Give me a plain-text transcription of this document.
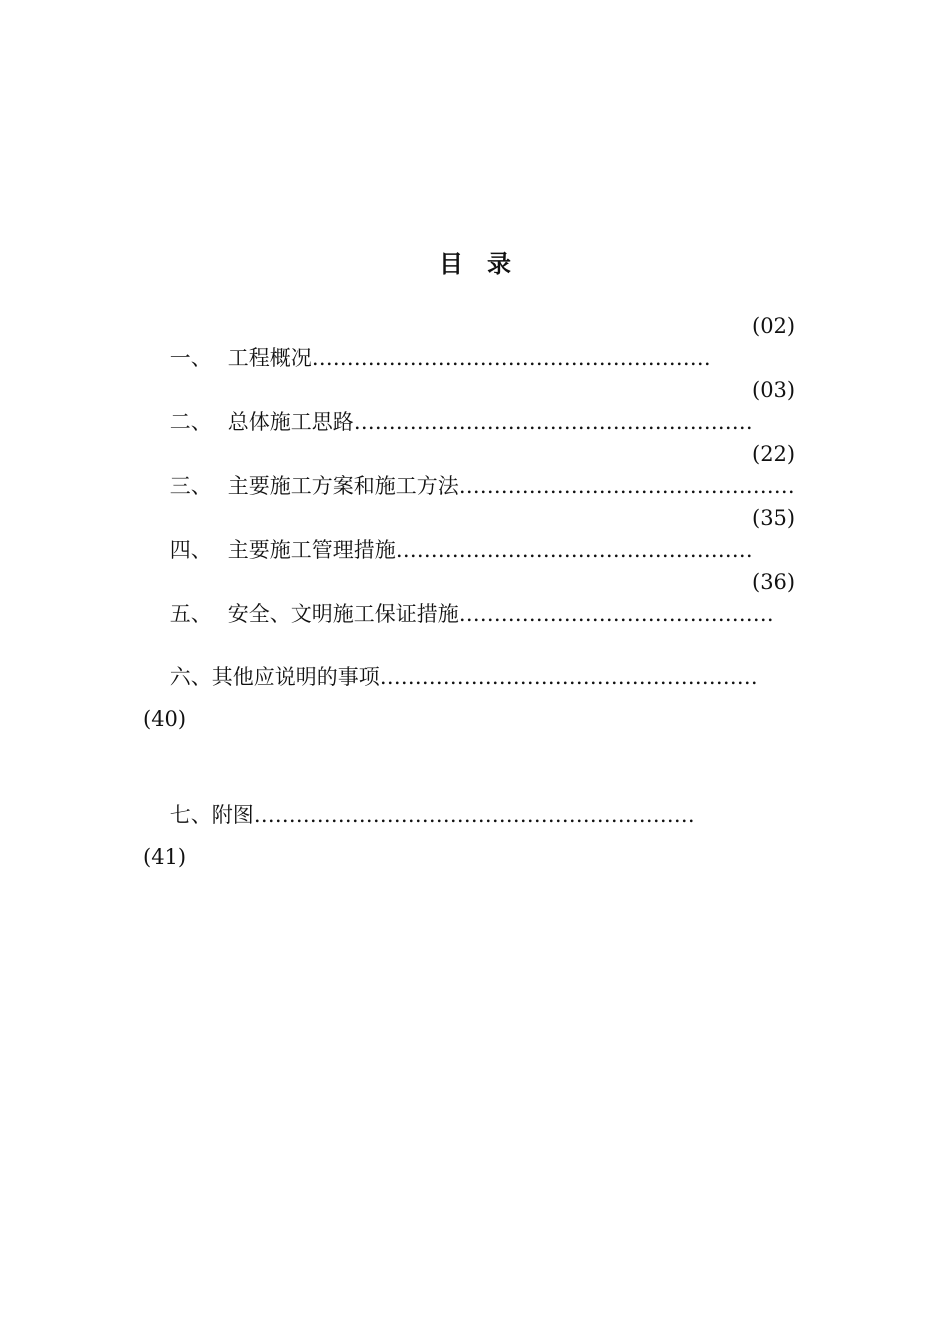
目　录

一、 工程概况…………………………………………………

(02)

二、 总体施工思路…………………………………………………

(03)

三、 主要施工方案和施工方法…………………………………………

(22)

四、 主要施工管理措施……………………………………………

(35)

五、 安全、文明施工保证措施………………………………………

(36)

六、其他应说明的事项………………………………………………

(40)

七、附图………………………………………………………

(41)
